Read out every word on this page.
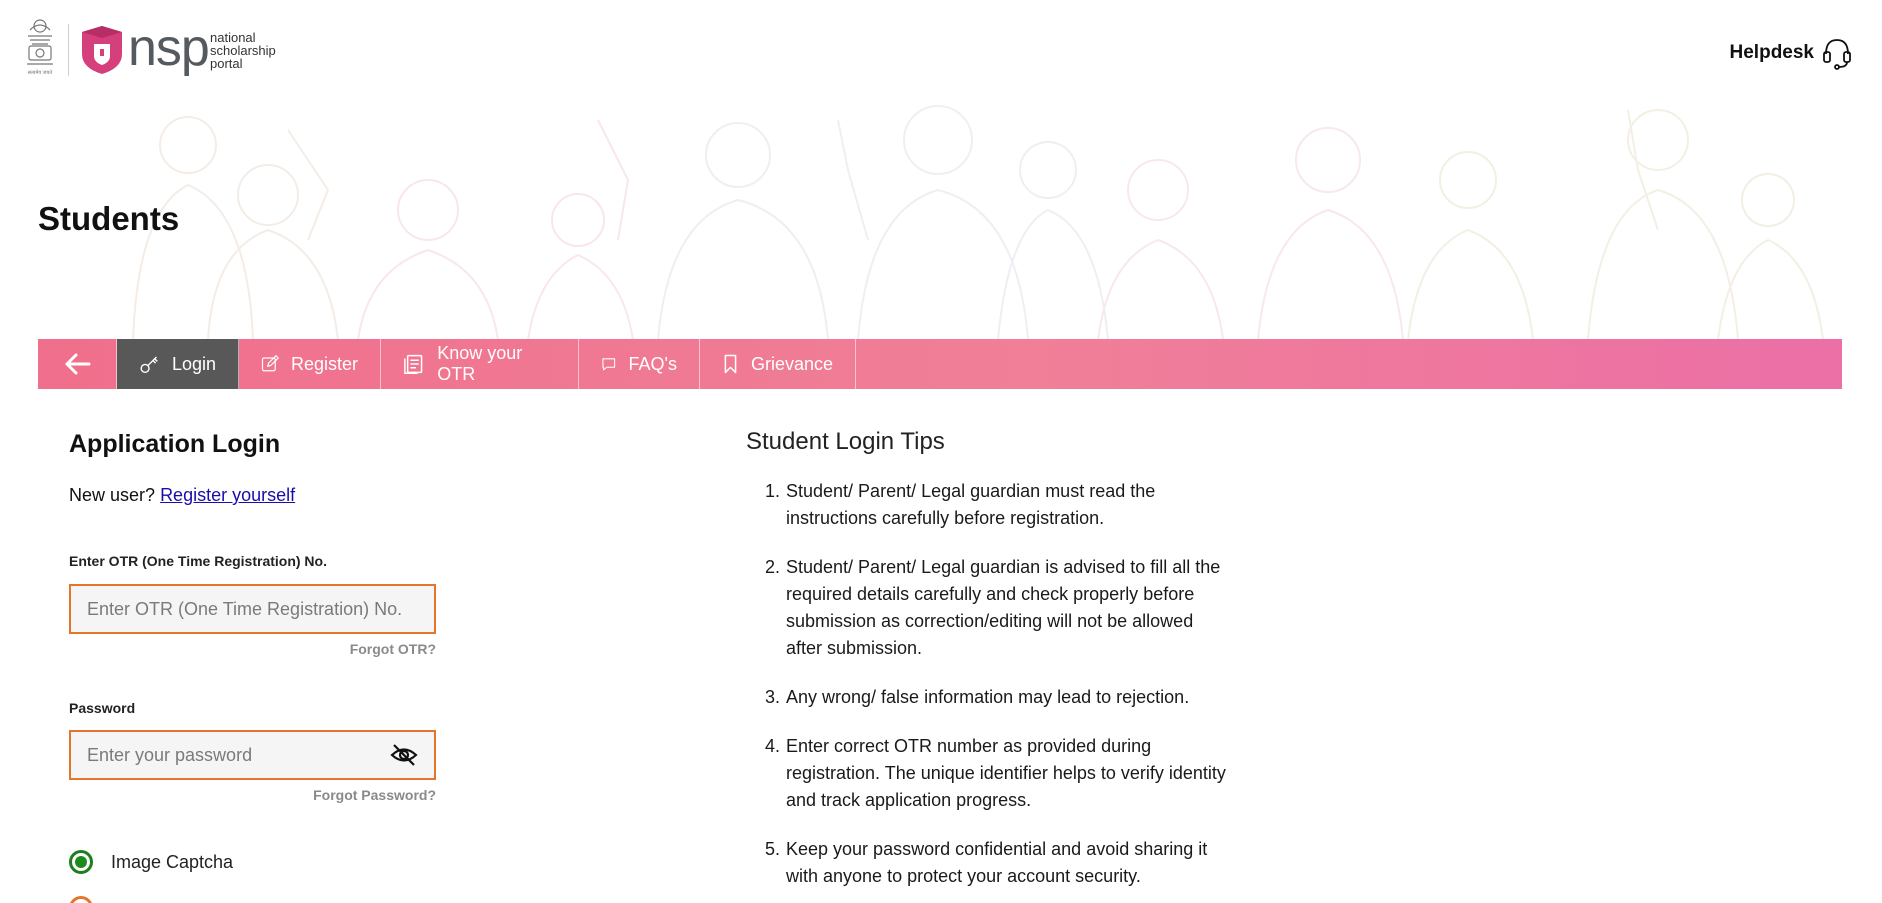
सत्यमेव जयते nsp national
scholarship
portal
Helpdesk
Students
Login	Register
Know your OTR
FAQ's	Grievance
Application Login
New user? Register yourself
Enter OTR (One Time Registration) No.
Enter OTR (One Time Registration) No.
Forgot OTR?
Password
Forgot Password?
Image Captcha
Student Login Tips
1. Student/ Parent/ Legal guardian must read the instructions carefully before registration.
2. Student/ Parent/ Legal guardian is advised to fill all the required details carefully and check properly before submission as correction/editing will not be allowed after submission.
3. Any wrong/ false information may lead to rejection.
4. Enter correct OTR number as provided during registration. The unique identifier helps to verify identity and track application progress.
5. Keep your password confidential and avoid sharing it with anyone to protect your account security.
